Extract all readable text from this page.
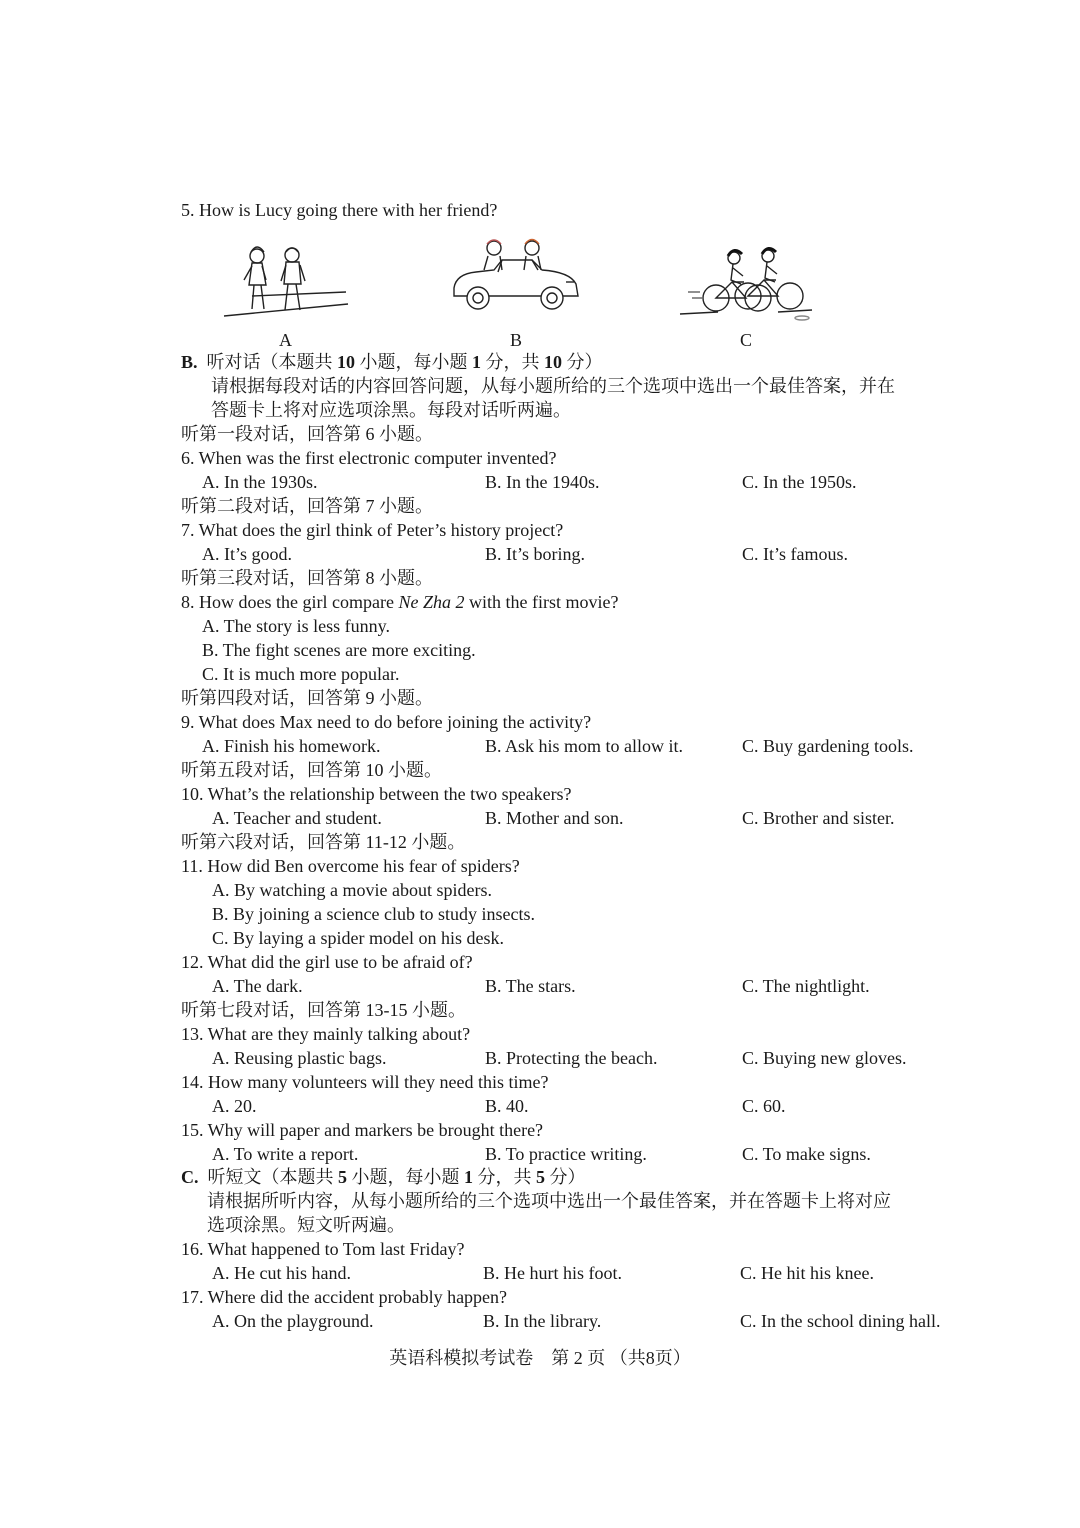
5. How is Lucy going there with her friend?
A	B	C
B. 听对话（本题共 10 小题，每小题 1 分，共 10 分）
请根据每段对话的内容回答问题，从每小题所给的三个选项中选出一个最佳答案，并在
答题卡上将对应选项涂黑。每段对话听两遍。
听第一段对话，回答第 6 小题。
6. When was the first electronic computer invented?
A. In the 1930s.	B. In the 1940s.	C. In the 1950s.
听第二段对话，回答第 7 小题。
7. What does the girl think of Peter’s history project?
A. It’s good.	B. It’s boring.	C. It’s famous.
听第三段对话，回答第 8 小题。
8. How does the girl compare Ne Zha 2 with the first movie?
A. The story is less funny.
B. The fight scenes are more exciting.
C. It is much more popular.
听第四段对话，回答第 9 小题。
9. What does Max need to do before joining the activity?
A. Finish his homework.	B. Ask his mom to allow it.	C. Buy gardening tools.
听第五段对话，回答第 10 小题。
10. What’s the relationship between the two speakers?
A. Teacher and student.	B. Mother and son.	C. Brother and sister.
听第六段对话，回答第 11-12 小题。
11. How did Ben overcome his fear of spiders?
A. By watching a movie about spiders.
B. By joining a science club to study insects.
C. By laying a spider model on his desk.
12. What did the girl use to be afraid of?
A. The dark.	B. The stars.	C. The nightlight.
听第七段对话，回答第 13-15 小题。
13. What are they mainly talking about?
A. Reusing plastic bags.	B. Protecting the beach.	C. Buying new gloves.
14. How many volunteers will they need this time?
A. 20.	B. 40.	C. 60.
15. Why will paper and markers be brought there?
A. To write a report.	B. To practice writing.	C. To make signs.
C. 听短文（本题共 5 小题，每小题 1 分，共 5 分）
请根据所听内容，从每小题所给的三个选项中选出一个最佳答案，并在答题卡上将对应
选项涂黑。短文听两遍。
16. What happened to Tom last Friday?
A. He cut his hand.	B. He hurt his foot.	C. He hit his knee.
17. Where did the accident probably happen?
A. On the playground.	B. In the library.	C. In the school dining hall.
英语科模拟考试卷　第 2 页 （共8页）
